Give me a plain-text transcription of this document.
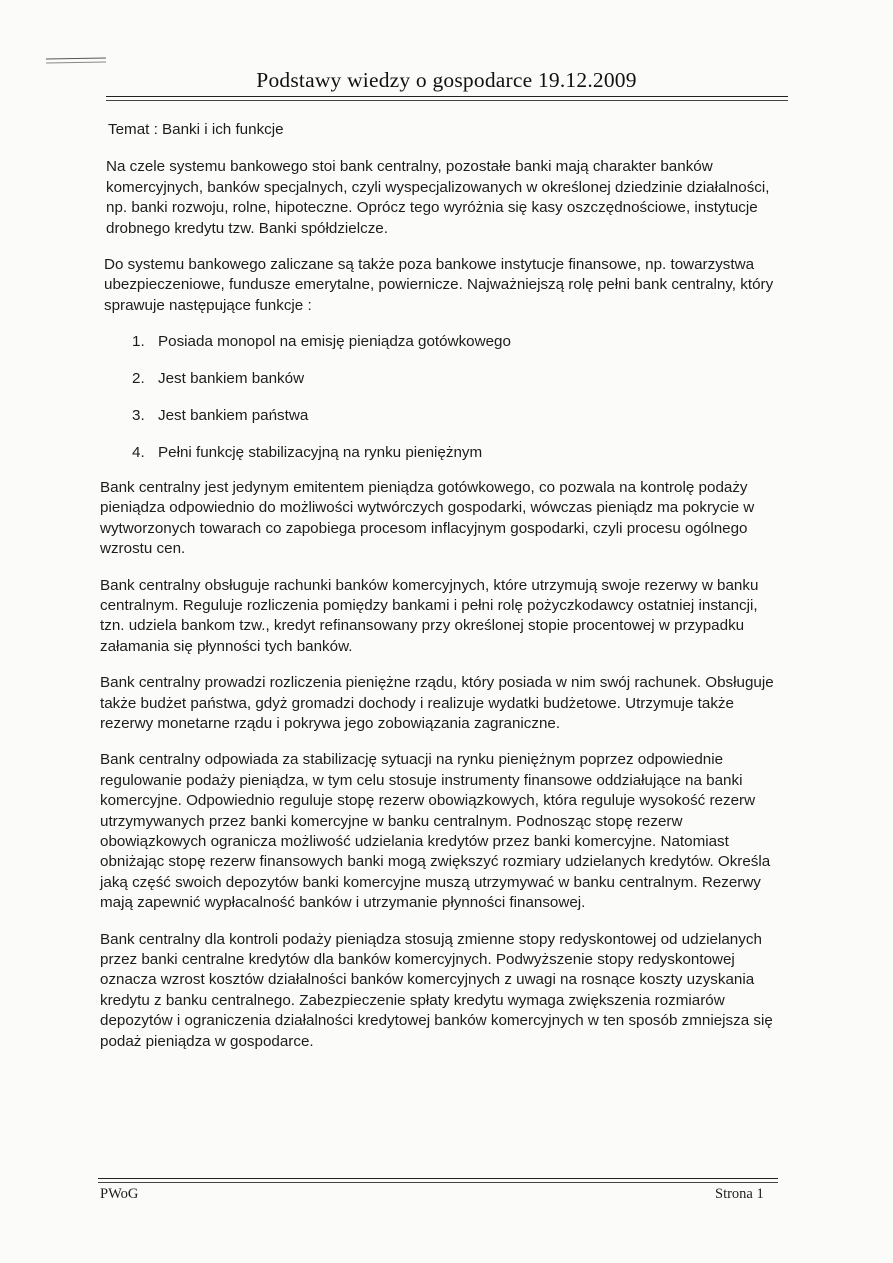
Podstawy wiedzy o gospodarce 19.12.2009

Temat : Banki i ich funkcje

Na czele systemu bankowego stoi bank centralny, pozostałe banki mają charakter banków komercyjnych, banków specjalnych, czyli wyspecjalizowanych w określonej dziedzinie działalności, np. banki rozwoju, rolne, hipoteczne. Oprócz tego wyróżnia się kasy oszczędnościowe, instytucje drobnego kredytu tzw. Banki spółdzielcze.

Do systemu bankowego zaliczane są także poza bankowe instytucje finansowe, np. towarzystwa ubezpieczeniowe, fundusze emerytalne, powiernicze. Najważniejszą rolę pełni bank centralny, który sprawuje następujące funkcje :

1. Posiada monopol na emisję pieniądza gotówkowego
2. Jest bankiem banków
3. Jest bankiem państwa
4. Pełni funkcję stabilizacyjną na rynku pieniężnym

Bank centralny jest jedynym emitentem pieniądza gotówkowego, co pozwala na kontrolę podaży pieniądza odpowiednio do możliwości wytwórczych gospodarki, wówczas pieniądz ma pokrycie w wytworzonych towarach co zapobiega procesom inflacyjnym gospodarki, czyli procesu ogólnego wzrostu cen.

Bank centralny obsługuje rachunki banków komercyjnych, które utrzymują swoje rezerwy w banku centralnym. Reguluje rozliczenia pomiędzy bankami i pełni rolę pożyczkodawcy ostatniej instancji, tzn. udziela bankom tzw., kredyt refinansowany przy określonej stopie procentowej w przypadku załamania się płynności tych banków.

Bank centralny prowadzi rozliczenia pieniężne rządu, który posiada w nim swój rachunek. Obsługuje także budżet państwa, gdyż gromadzi dochody i realizuje wydatki budżetowe. Utrzymuje także rezerwy monetarne rządu i pokrywa jego zobowiązania zagraniczne.

Bank centralny odpowiada za stabilizację sytuacji na rynku pieniężnym poprzez odpowiednie regulowanie podaży pieniądza, w tym celu stosuje instrumenty finansowe oddziałujące na banki komercyjne. Odpowiednio reguluje stopę rezerw obowiązkowych, która reguluje wysokość rezerw utrzymywanych przez banki komercyjne w banku centralnym. Podnosząc stopę rezerw obowiązkowych ogranicza możliwość udzielania kredytów przez banki komercyjne. Natomiast obniżając stopę rezerw finansowych banki mogą zwiększyć rozmiary udzielanych kredytów. Określa jaką część swoich depozytów banki komercyjne muszą utrzymywać w banku centralnym. Rezerwy mają zapewnić wypłacalność banków i utrzymanie płynności finansowej.

Bank centralny dla kontroli podaży pieniądza stosują zmienne stopy redyskontowej od udzielanych przez banki centralne kredytów dla banków komercyjnych. Podwyższenie stopy redyskontowej oznacza wzrost kosztów działalności banków komercyjnych z uwagi na rosnące koszty uzyskania kredytu z banku centralnego. Zabezpieczenie spłaty kredytu wymaga zwiększenia rozmiarów depozytów i ograniczenia działalności kredytowej banków komercyjnych w ten sposób zmniejsza się podaż pieniądza w gospodarce.

PWoG	Strona 1
